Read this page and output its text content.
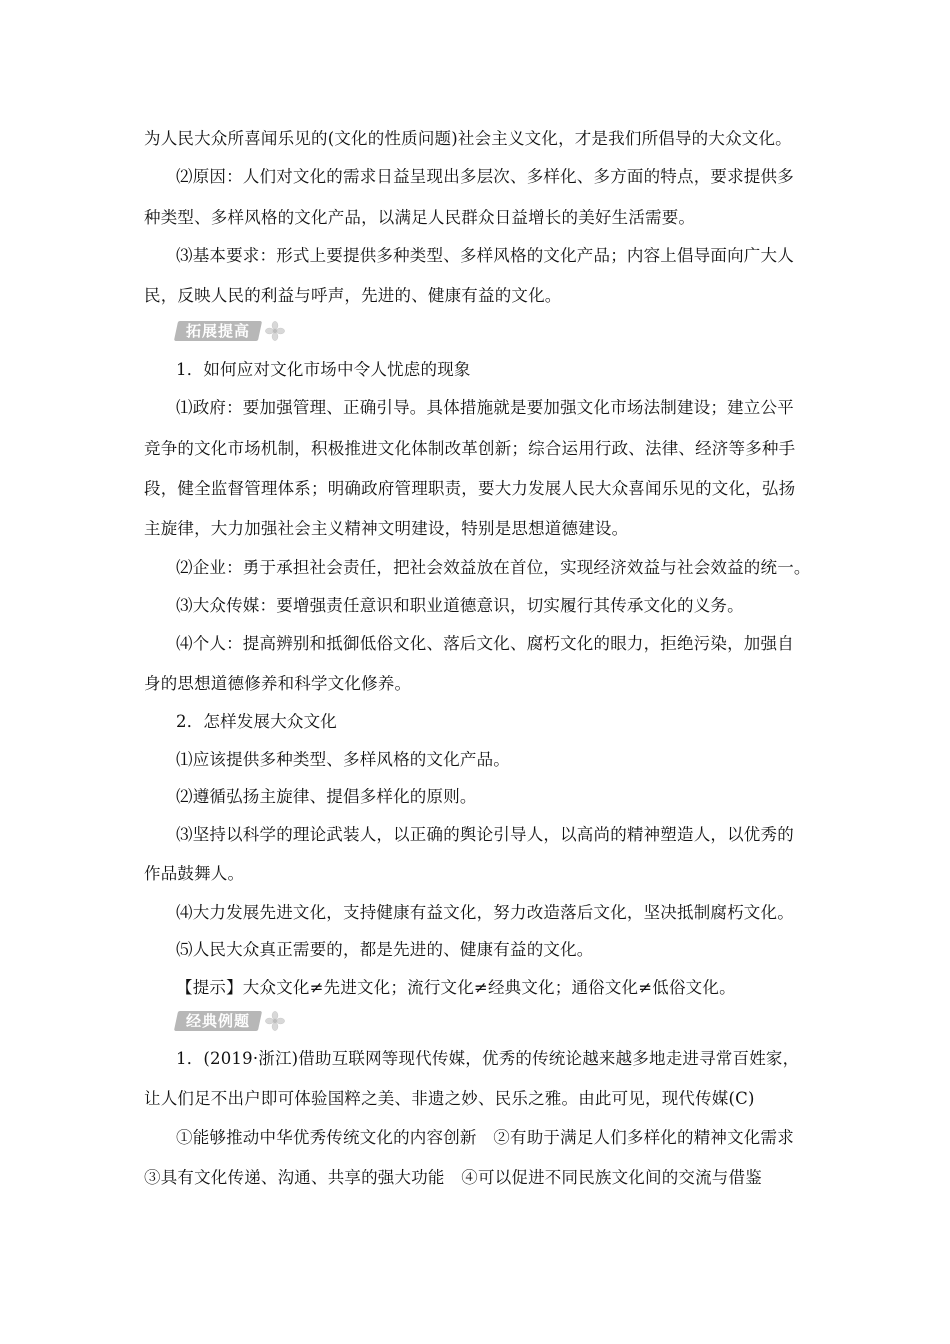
为人民大众所喜闻乐见的(文化的性质问题)社会主义文化，才是我们所倡导的大众文化。
⑵原因：人们对文化的需求日益呈现出多层次、多样化、多方面的特点，要求提供多
种类型、多样风格的文化产品，以满足人民群众日益增长的美好生活需要。
⑶基本要求：形式上要提供多种类型、多样风格的文化产品；内容上倡导面向广大人
民，反映人民的利益与呼声，先进的、健康有益的文化。
拓展提高
1．如何应对文化市场中令人忧虑的现象
⑴政府：要加强管理、正确引导。具体措施就是要加强文化市场法制建设；建立公平
竞争的文化市场机制，积极推进文化体制改革创新；综合运用行政、法律、经济等多种手
段，健全监督管理体系；明确政府管理职责，要大力发展人民大众喜闻乐见的文化，弘扬
主旋律，大力加强社会主义精神文明建设，特别是思想道德建设。
⑵企业：勇于承担社会责任，把社会效益放在首位，实现经济效益与社会效益的统一。
⑶大众传媒：要增强责任意识和职业道德意识，切实履行其传承文化的义务。
⑷个人：提高辨别和抵御低俗文化、落后文化、腐朽文化的眼力，拒绝污染，加强自
身的思想道德修养和科学文化修养。
2．怎样发展大众文化
⑴应该提供多种类型、多样风格的文化产品。
⑵遵循弘扬主旋律、提倡多样化的原则。
⑶坚持以科学的理论武装人，以正确的舆论引导人，以高尚的精神塑造人，以优秀的
作品鼓舞人。
⑷大力发展先进文化，支持健康有益文化，努力改造落后文化，坚决抵制腐朽文化。
⑸人民大众真正需要的，都是先进的、健康有益的文化。
【提示】大众文化≠先进文化；流行文化≠经典文化；通俗文化≠低俗文化。
经典例题
1．(2019·浙江)借助互联网等现代传媒，优秀的传统论越来越多地走进寻常百姓家，
让人们足不出户即可体验国粹之美、非遗之妙、民乐之雅。由此可见，现代传媒(C)
①能够推动中华优秀传统文化的内容创新　②有助于满足人们多样化的精神文化需求
③具有文化传递、沟通、共享的强大功能　④可以促进不同民族文化间的交流与借鉴
